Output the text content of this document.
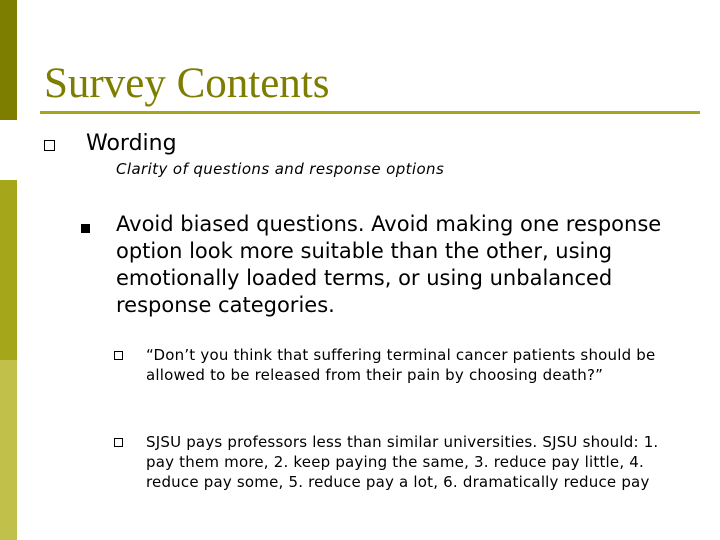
Survey Contents
Wording
Clarity of questions and response options

Avoid biased questions. Avoid making one response option look more suitable than the other, using emotionally loaded terms, or using unbalanced response categories.

“Don’t you think that suffering terminal cancer patients should be allowed to be released from their pain by choosing death?”

SJSU pays professors less than similar universities. SJSU should: 1. pay them more, 2. keep paying the same, 3. reduce pay little, 4. reduce pay some, 5. reduce pay a lot, 6. dramatically reduce pay
